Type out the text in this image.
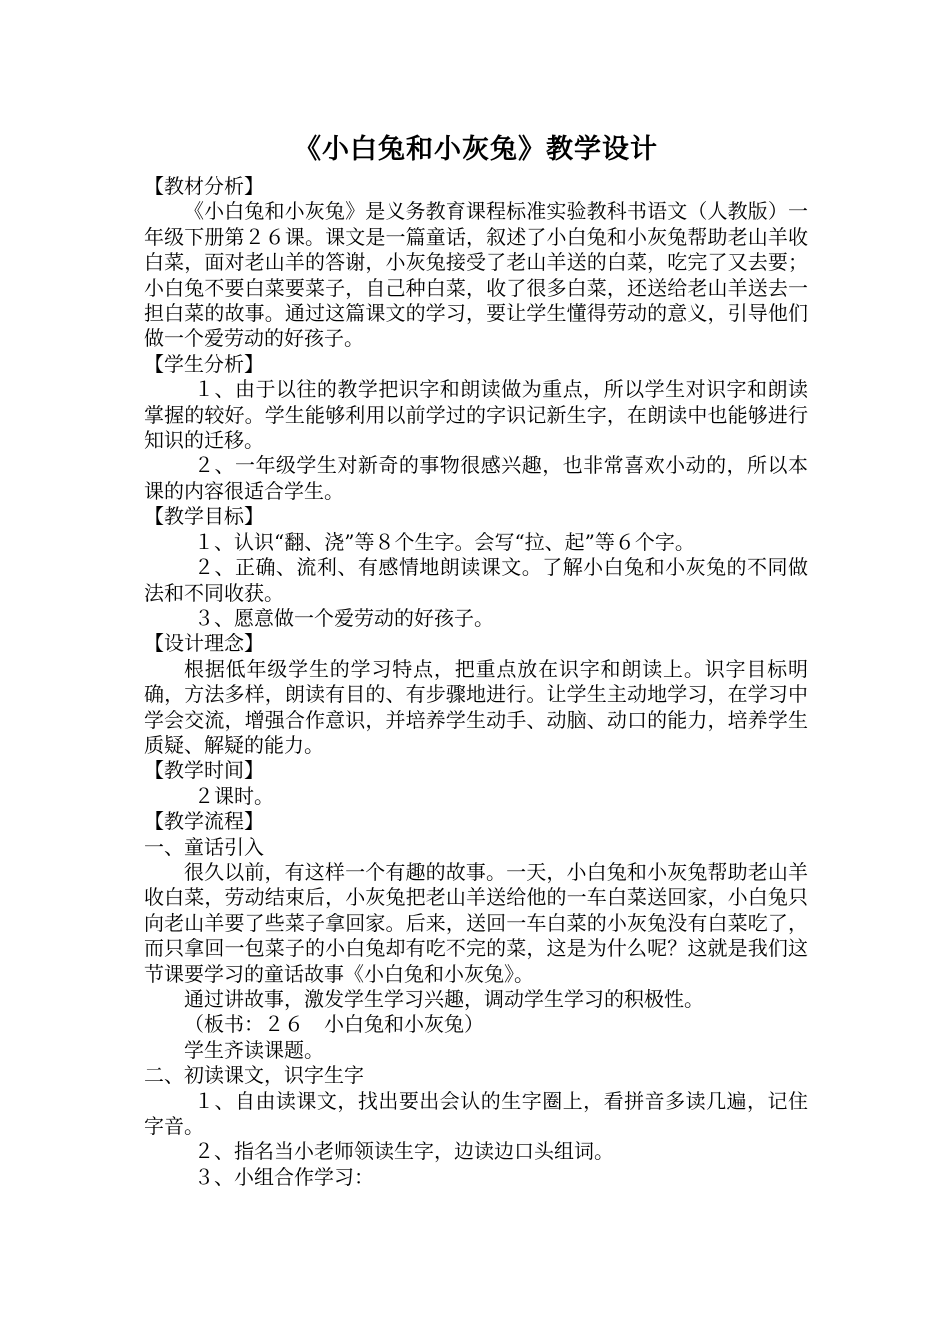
《小白兔和小灰兔》教学设计
【教材分析】

《小白兔和小灰兔》是义务教育课程标准实验教科书语文（人教版）一年级下册第２６课。课文是一篇童话，叙述了小白兔和小灰兔帮助老山羊收白菜，面对老山羊的答谢，小灰兔接受了老山羊送的白菜，吃完了又去要；小白兔不要白菜要菜子，自己种白菜，收了很多白菜，还送给老山羊送去一担白菜的故事。通过这篇课文的学习，要让学生懂得劳动的意义，引导他们做一个爱劳动的好孩子。

【学生分析】

１、由于以往的教学把识字和朗读做为重点，所以学生对识字和朗读掌握的较好。学生能够利用以前学过的字识记新生字，在朗读中也能够进行知识的迁移。

２、一年级学生对新奇的事物很感兴趣，也非常喜欢小动的，所以本课的内容很适合学生。

【教学目标】

１、认识“翻、浇”等８个生字。会写“拉、起”等６个字。

２、正确、流利、有感情地朗读课文。了解小白兔和小灰兔的不同做法和不同收获。

３、愿意做一个爱劳动的好孩子。

【设计理念】

根据低年级学生的学习特点，把重点放在识字和朗读上。识字目标明确，方法多样，朗读有目的、有步骤地进行。让学生主动地学习，在学习中学会交流，增强合作意识，并培养学生动手、动脑、动口的能力，培养学生质疑、解疑的能力。

【教学时间】

２课时。

【教学流程】
一、童话引入

很久以前，有这样一个有趣的故事。一天，小白兔和小灰兔帮助老山羊收白菜，劳动结束后，小灰兔把老山羊送给他的一车白菜送回家，小白兔只向老山羊要了些菜子拿回家。后来，送回一车白菜的小灰兔没有白菜吃了，而只拿回一包菜子的小白兔却有吃不完的菜，这是为什么呢？这就是我们这节课要学习的童话故事《小白兔和小灰兔》。

通过讲故事，激发学生学习兴趣，调动学生学习的积极性。

（板书：２６　小白兔和小灰兔）

学生齐读课题。

二、初读课文，识字生字

１、自由读课文，找出要出会认的生字圈上，看拼音多读几遍，记住字音。

２、指名当小老师领读生字，边读边口头组词。

３、小组合作学习：
